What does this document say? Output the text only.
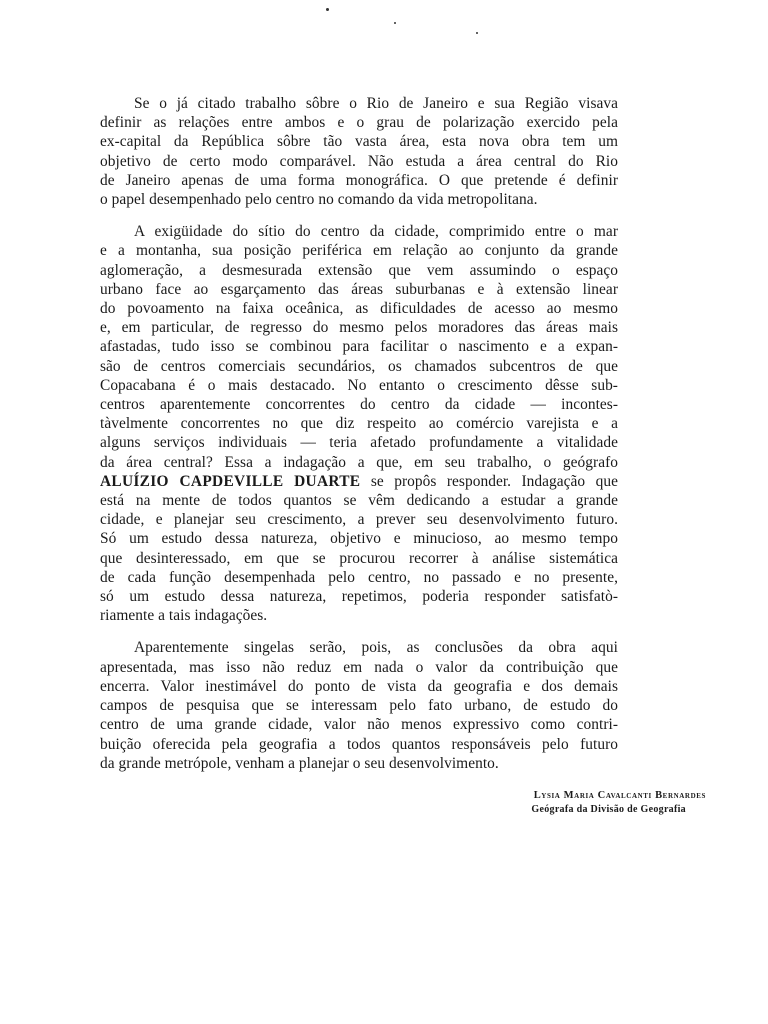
Se o já citado trabalho sôbre o Rio de Janeiro e sua Região visava
definir as relações entre ambos e o grau de polarização exercido pela
ex-capital da República sôbre tão vasta área, esta nova obra tem um
objetivo de certo modo comparável. Não estuda a área central do Rio
de Janeiro apenas de uma forma monográfica. O que pretende é definir
o papel desempenhado pelo centro no comando da vida metropolitana.
A exigüidade do sítio do centro da cidade, comprimido entre o mar
e a montanha, sua posição periférica em relação ao conjunto da grande
aglomeração, a desmesurada extensão que vem assumindo o espaço
urbano face ao esgarçamento das áreas suburbanas e à extensão linear
do povoamento na faixa oceânica, as dificuldades de acesso ao mesmo
e, em particular, de regresso do mesmo pelos moradores das áreas mais
afastadas, tudo isso se combinou para facilitar o nascimento e a expan-
são de centros comerciais secundários, os chamados subcentros de que
Copacabana é o mais destacado. No entanto o crescimento dêsse sub-
centros aparentemente concorrentes do centro da cidade — incontes-
tàvelmente concorrentes no que diz respeito ao comércio varejista e a
alguns serviços individuais — teria afetado profundamente a vitalidade
da área central? Essa a indagação a que, em seu trabalho, o geógrafo
ALUÍZIO CAPDEVILLE DUARTE se propôs responder. Indagação que
está na mente de todos quantos se vêm dedicando a estudar a grande
cidade, e planejar seu crescimento, a prever seu desenvolvimento futuro.
Só um estudo dessa natureza, objetivo e minucioso, ao mesmo tempo
que desinteressado, em que se procurou recorrer à análise sistemática
de cada função desempenhada pelo centro, no passado e no presente,
só um estudo dessa natureza, repetimos, poderia responder satisfatò-
riamente a tais indagações.
Aparentemente singelas serão, pois, as conclusões da obra aqui
apresentada, mas isso não reduz em nada o valor da contribuição que
encerra. Valor inestimável do ponto de vista da geografia e dos demais
campos de pesquisa que se interessam pelo fato urbano, de estudo do
centro de uma grande cidade, valor não menos expressivo como contri-
buição oferecida pela geografia a todos quantos responsáveis pelo futuro
da grande metrópole, venham a planejar o seu desenvolvimento.
Lysia Maria Cavalcanti Bernardes
Geógrafa da Divisão de Geografia
